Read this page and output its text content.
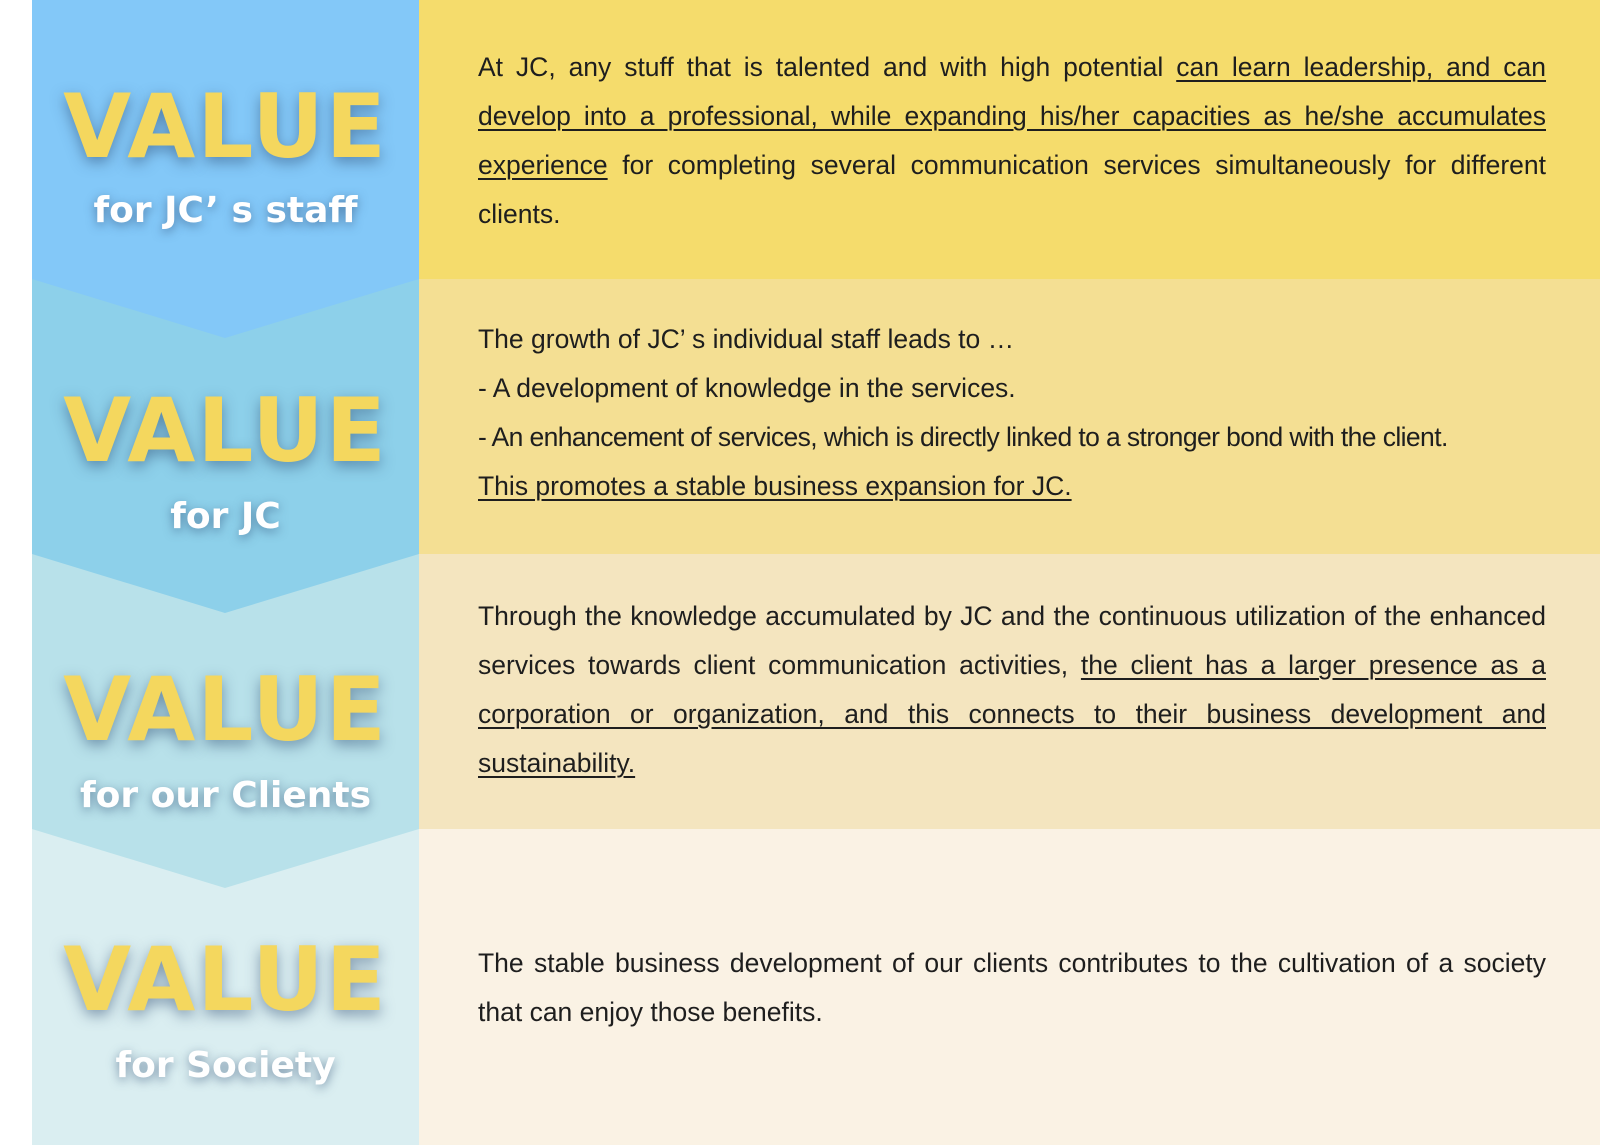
VALUE
for JC’ s staff

At JC, any stuff that is talented and with high potential can learn leadership, and can develop into a professional, while expanding his/her capacities as he/she accumulates experience for completing several communication services simultaneously for different clients.

VALUE
for JC

The growth of JC’ s individual staff leads to …

- A development of knowledge in the services.

- An enhancement of services, which is directly linked to a stronger bond with the client.

This promotes a stable business expansion for JC.

VALUE
for our Clients

Through the knowledge accumulated by JC and the continuous utilization of the enhanced services towards client communication activities, the client has a larger presence as a corporation or organization, and this connects to their business development and sustainability.

VALUE
for Society

The stable business development of our clients contributes to the cultivation of a society that can enjoy those benefits.
